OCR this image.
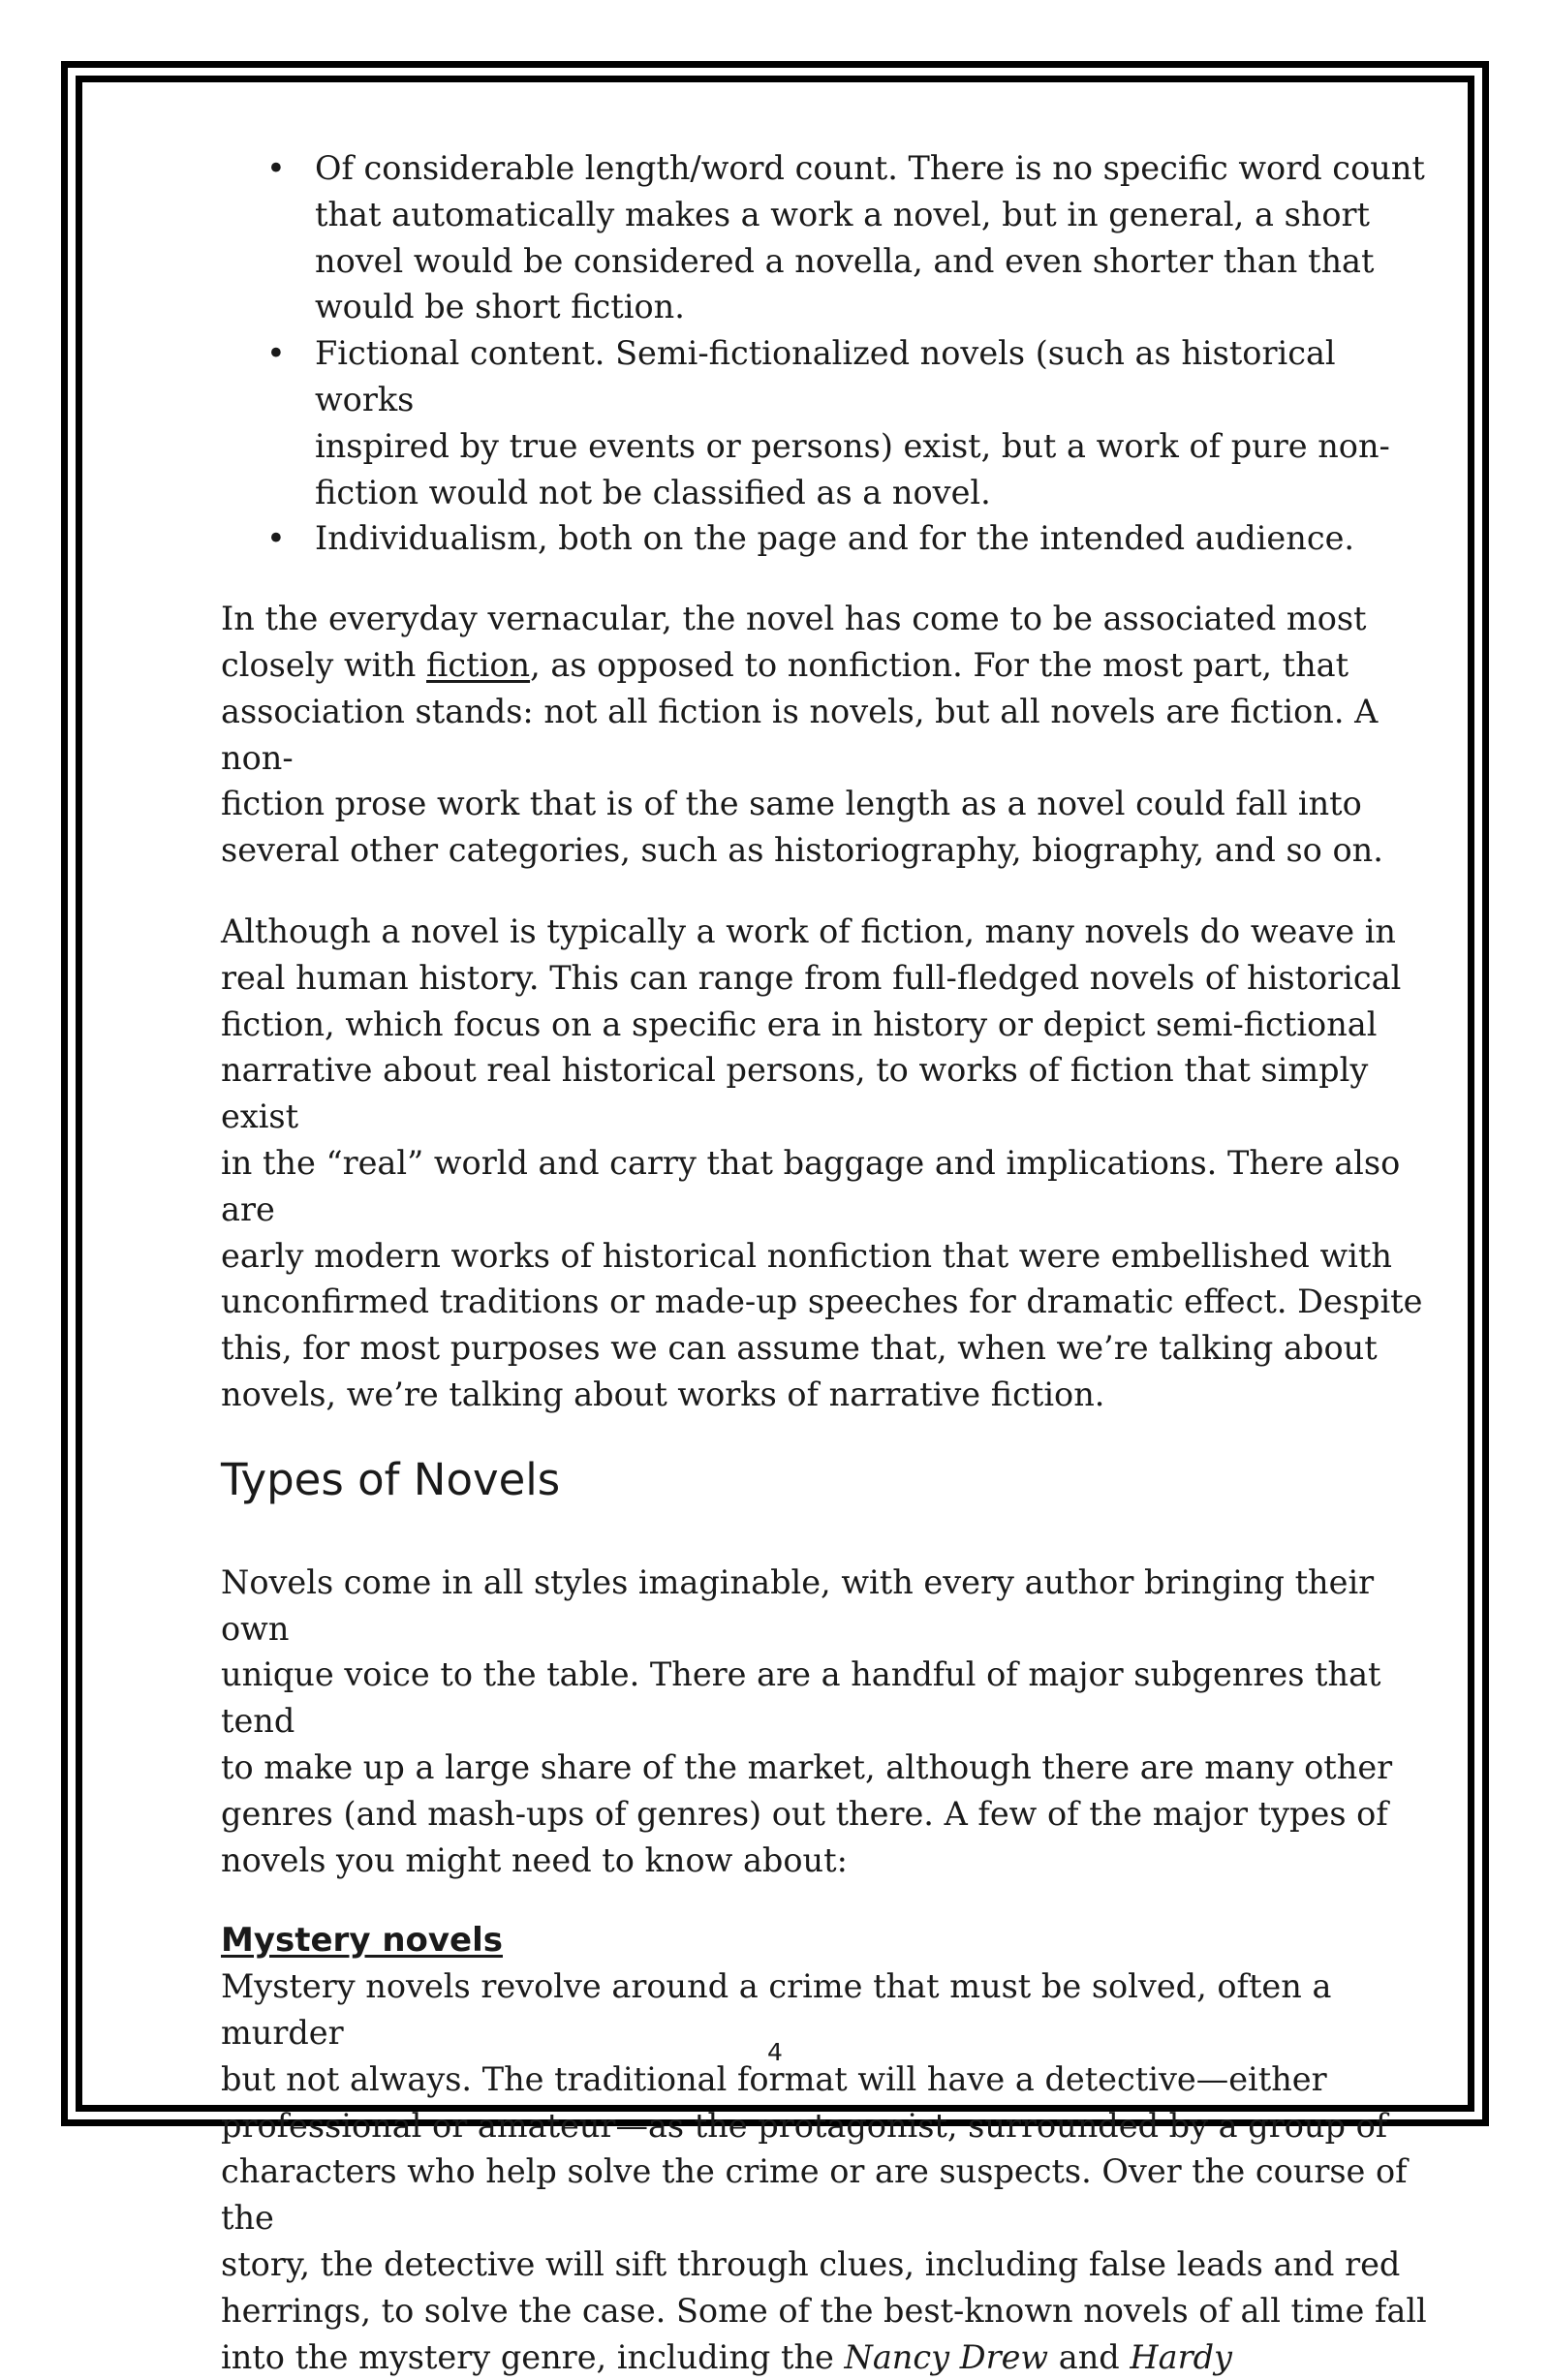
• Of considerable length/word count. There is no specific word count
that automatically makes a work a novel, but in general, a short
novel would be considered a novella, and even shorter than that
would be short fiction.
• Fictional content. Semi-fictionalized novels (such as historical works
inspired by true events or persons) exist, but a work of pure non-
fiction would not be classified as a novel.
• Individualism, both on the page and for the intended audience.

In the everyday vernacular, the novel has come to be associated most
closely with fiction, as opposed to nonfiction. For the most part, that
association stands: not all fiction is novels, but all novels are fiction. A non-
fiction prose work that is of the same length as a novel could fall into
several other categories, such as historiography, biography, and so on.

Although a novel is typically a work of fiction, many novels do weave in
real human history. This can range from full-fledged novels of historical
fiction, which focus on a specific era in history or depict semi-fictional
narrative about real historical persons, to works of fiction that simply exist
in the “real” world and carry that baggage and implications. There also are
early modern works of historical nonfiction that were embellished with
unconfirmed traditions or made-up speeches for dramatic effect. Despite
this, for most purposes we can assume that, when we’re talking about
novels, we’re talking about works of narrative fiction.

Types of Novels

Novels come in all styles imaginable, with every author bringing their own
unique voice to the table. There are a handful of major subgenres that tend
to make up a large share of the market, although there are many other
genres (and mash-ups of genres) out there. A few of the major types of
novels you might need to know about:

Mystery novels

Mystery novels revolve around a crime that must be solved, often a murder
but not always. The traditional format will have a detective—either
professional or amateur—as the protagonist, surrounded by a group of
characters who help solve the crime or are suspects. Over the course of the
story, the detective will sift through clues, including false leads and red
herrings, to solve the case. Some of the best-known novels of all time fall
into the mystery genre, including the Nancy Drew and Hardy

4
